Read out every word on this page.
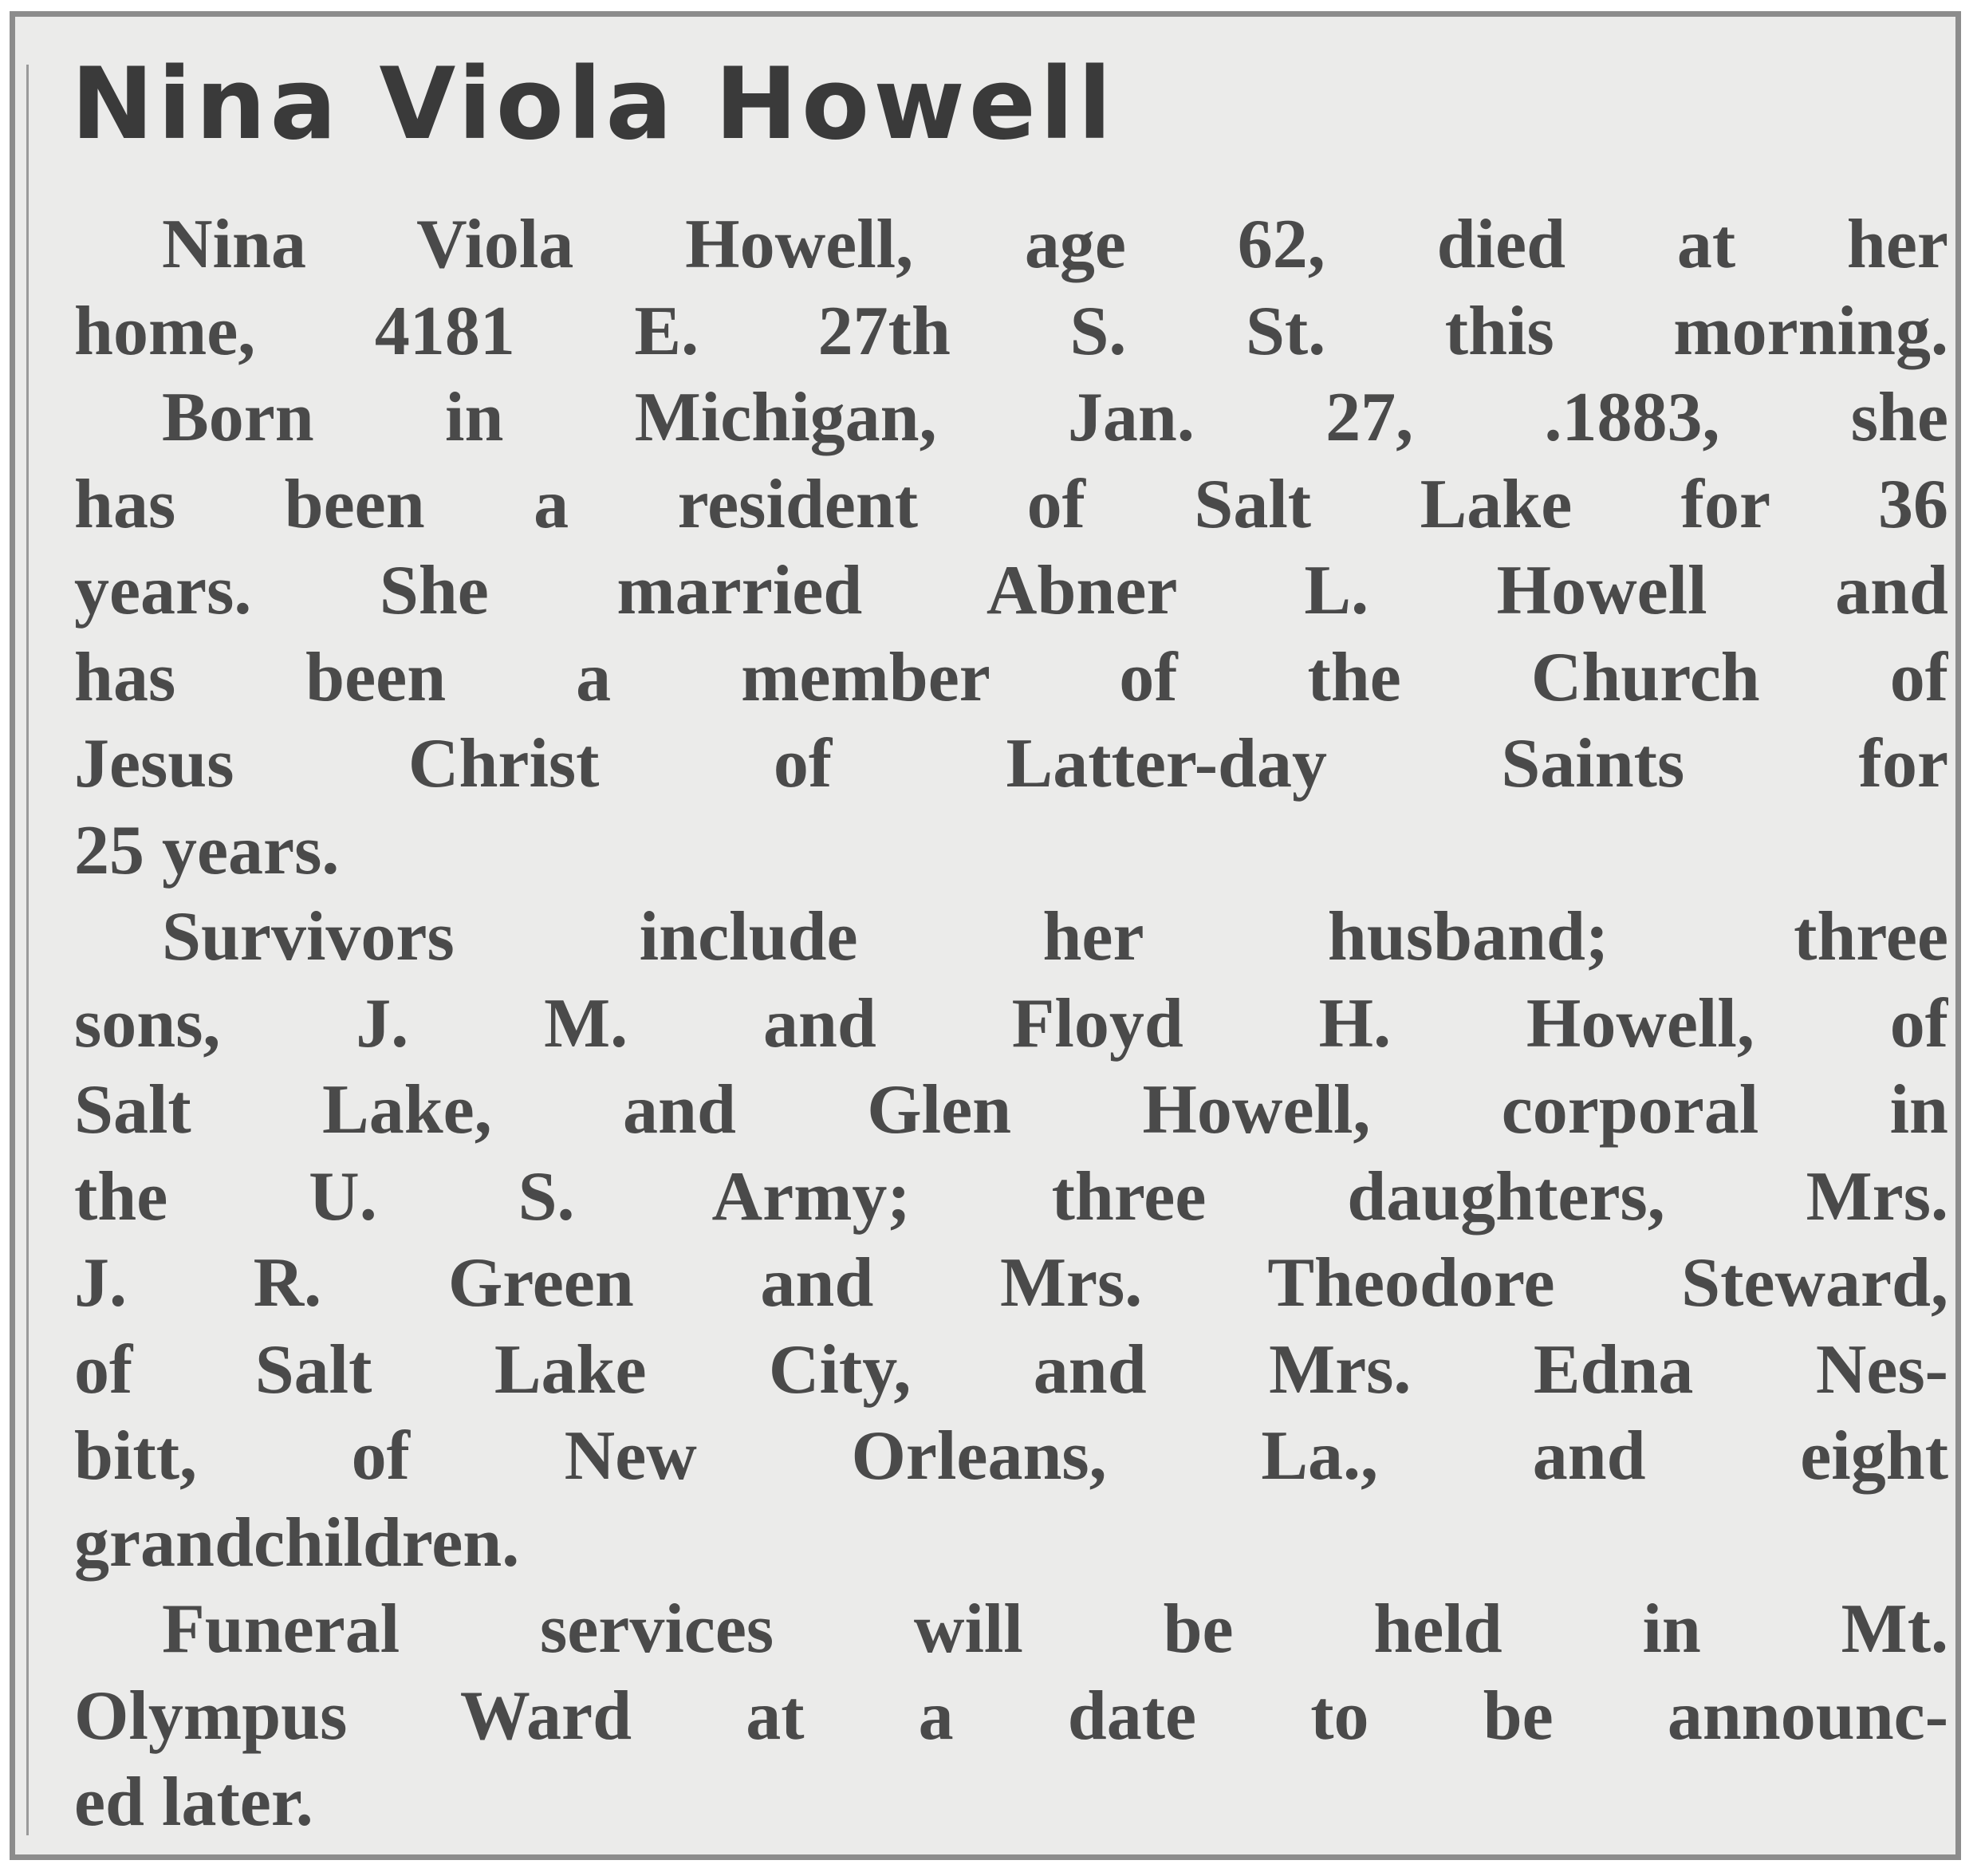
Nina Viola Howell
Nina Viola Howell, age 62, died at her
home, 4181 E. 27th S. St. this morning.
Born in Michigan, Jan. 27, .1883, she
has been a resident of Salt Lake for 36
years. She married Abner L. Howell and
has been a member of the Church of
Jesus Christ of Latter-day Saints for
25 years.
Survivors include her husband; three
sons, J. M. and Floyd H. Howell, of
Salt Lake, and Glen Howell, corporal in
the U. S. Army; three daughters, Mrs.
J. R. Green and Mrs. Theodore Steward,
of Salt Lake City, and Mrs. Edna Nes-
bitt, of New Orleans, La., and eight
grandchildren.
Funeral services will be held in Mt.
Olympus Ward at a date to be announc-
ed later.
